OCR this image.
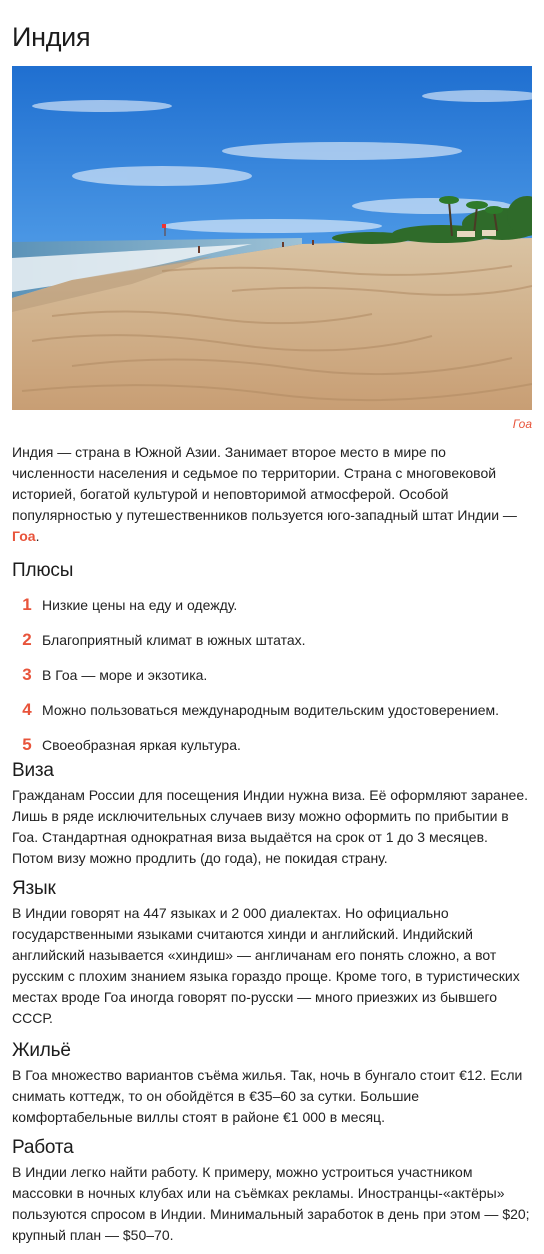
Индия
Гоа

Индия — страна в Южной Азии. Занимает второе место в мире по численности населения и седьмое по территории. Страна с многовековой историей, богатой культурой и неповторимой атмосферой. Особой популярностью у путешественников пользуется юго-западный штат Индии — Гоа.

Плюсы
1 Низкие цены на еду и одежду.
2 Благоприятный климат в южных штатах.
3 В Гоа — море и экзотика.
4 Можно пользоваться международным водительским удостоверением.
5 Своеобразная яркая культура.
Виза

Гражданам России для посещения Индии нужна виза. Её оформляют заранее. Лишь в ряде исключительных случаев визу можно оформить по прибытии в Гоа. Стандартная однократная виза выдаётся на срок от 1 до 3 месяцев. Потом визу можно продлить (до года), не покидая страну.

Язык

В Индии говорят на 447 языках и 2 000 диалектах. Но официально государственными языками считаются хинди и английский. Индийский английский называется «хиндиш» — англичанам его понять сложно, а вот русским с плохим знанием языка гораздо проще. Кроме того, в туристических местах вроде Гоа иногда говорят по-русски — много приезжих из бывшего СССР.

Жильё

В Гоа множество вариантов съёма жилья. Так, ночь в бунгало стоит €12. Если снимать коттедж, то он обойдётся в €35–60 за сутки. Большие комфортабельные виллы стоят в районе €1 000 в месяц.

Работа

В Индии легко найти работу. К примеру, можно устроиться участником массовки в ночных клубах или на съёмках рекламы. Иностранцы-«актёры» пользуются спросом в Индии. Минимальный заработок в день при этом — $20; крупный план — $50–70.
